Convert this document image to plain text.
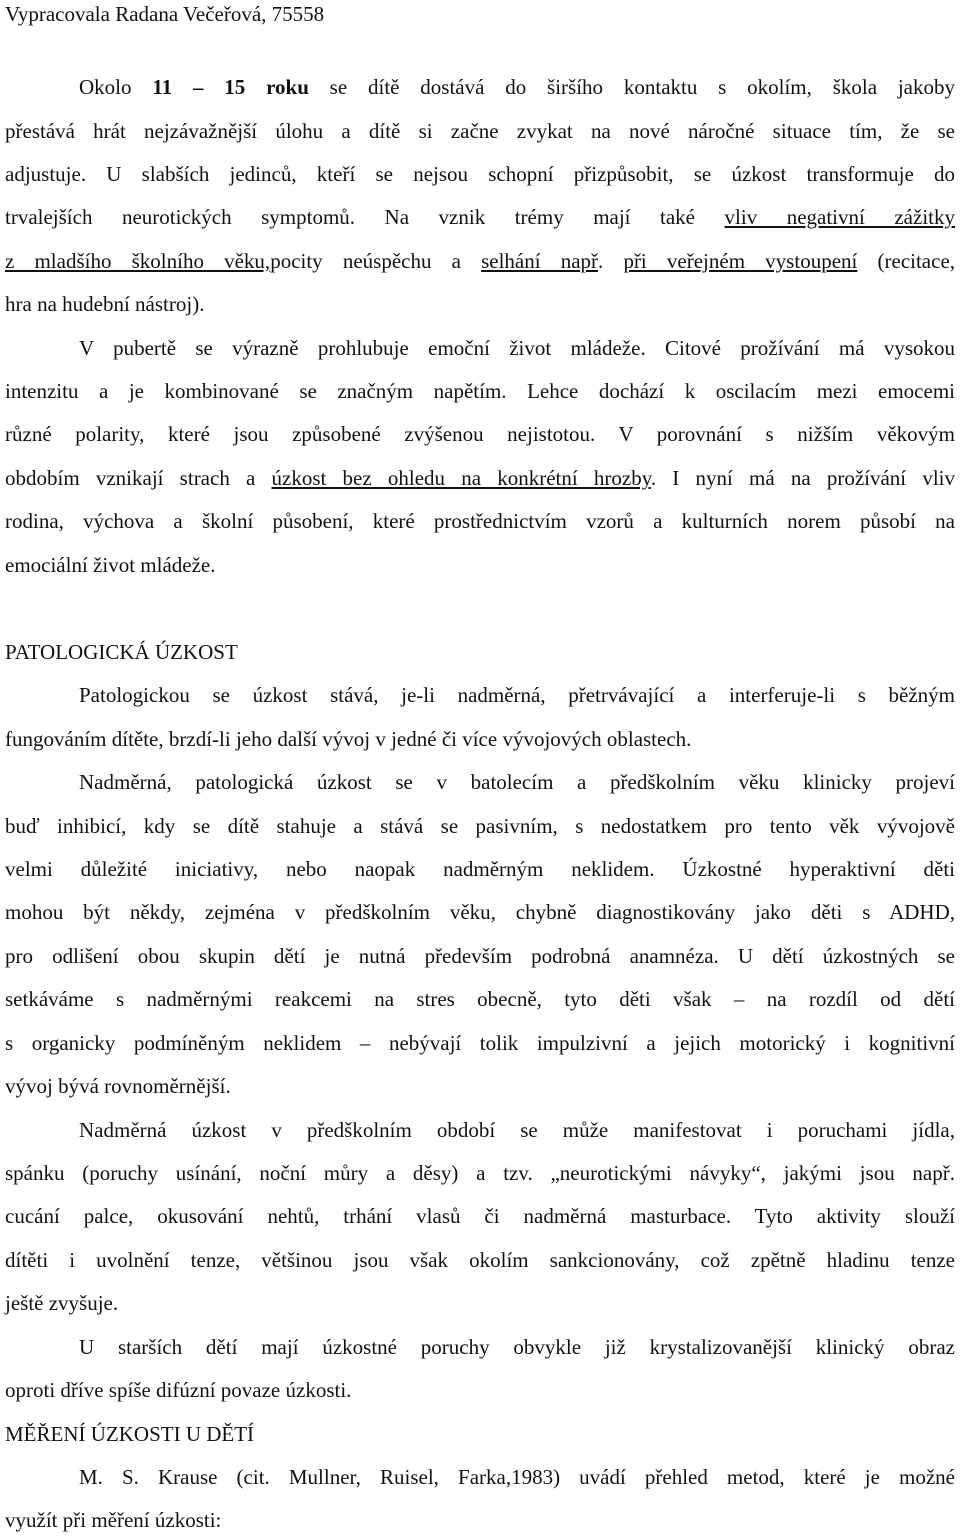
Vypracovala Radana Večeřová, 75558
Okolo 11 – 15 roku se dítě dostává do širšího kontaktu s okolím, škola jakoby
přestává hrát nejzávažnější úlohu a dítě si začne zvykat na nové náročné situace tím, že se
adjustuje. U slabších jedinců, kteří se nejsou schopní přizpůsobit, se úzkost transformuje do
trvalejších neurotických symptomů. Na vznik trémy mají také vliv negativní zážitky
z mladšího školního věku,pocity neúspěchu a selhání např. při veřejném vystoupení (recitace,
hra na hudební nástroj).
V pubertě se výrazně prohlubuje emoční život mládeže. Citové prožívání má vysokou
intenzitu a je kombinované se značným napětím. Lehce dochází k oscilacím mezi emocemi
různé polarity, které jsou způsobené zvýšenou nejistotou. V porovnání s nižším věkovým
obdobím vznikají strach a úzkost bez ohledu na konkrétní hrozby. I nyní má na prožívání vliv
rodina, výchova a školní působení, které prostřednictvím vzorů a kulturních norem působí na
emociální život mládeže.
PATOLOGICKÁ ÚZKOST
Patologickou se úzkost stává, je-li nadměrná, přetrvávající a interferuje-li s běžným
fungováním dítěte, brzdí-li jeho další vývoj v jedné či více vývojových oblastech.
Nadměrná, patologická úzkost se v batolecím a předškolním věku klinicky projeví
buď inhibicí, kdy se dítě stahuje a stává se pasivním, s nedostatkem pro tento věk vývojově
velmi důležité iniciativy, nebo naopak nadměrným neklidem. Úzkostné hyperaktivní děti
mohou být někdy, zejména v předškolním věku, chybně diagnostikovány jako děti s ADHD,
pro odlišení obou skupin dětí je nutná především podrobná anamnéza. U dětí úzkostných se
setkáváme s nadměrnými reakcemi na stres obecně, tyto děti však – na rozdíl od dětí
s organicky podmíněným neklidem – nebývají tolik impulzivní a jejich motorický i kognitivní
vývoj bývá rovnoměrnější.
Nadměrná úzkost v předškolním období se může manifestovat i poruchami jídla,
spánku (poruchy usínání, noční můry a děsy) a tzv. „neurotickými návyky“, jakými jsou např.
cucání palce, okusování nehtů, trhání vlasů či nadměrná masturbace. Tyto aktivity slouží
dítěti i uvolnění tenze, většinou jsou však okolím sankcionovány, což zpětně hladinu tenze
ještě zvyšuje.
U starších dětí mají úzkostné poruchy obvykle již krystalizovanější klinický obraz
oproti dříve spíše difúzní povaze úzkosti.
MĚŘENÍ ÚZKOSTI U DĚTÍ
M. S. Krause (cit. Mullner, Ruisel, Farka,1983) uvádí přehled metod, které je možné
využít při měření úzkosti:
